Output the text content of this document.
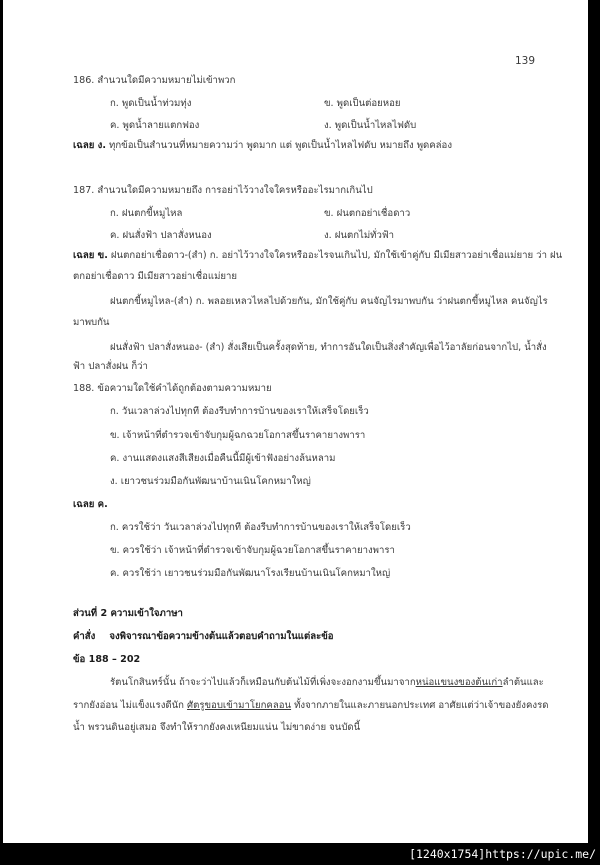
139
186. สำนวนใดมีความหมายไม่เข้าพวก
ก. พูดเป็นน้ำท่วมทุ่ง	ข. พูดเป็นต่อยหอย
ค. พูดน้ำลายแตกฟอง	ง. พูดเป็นน้ำไหลไฟดับ
เฉลย ง. ทุกข้อเป็นสำนวนที่หมายความว่า พูดมาก แต่ พูดเป็นน้ำไหลไฟดับ หมายถึง พูดคล่อง
187. สำนวนใดมีความหมายถึง การอย่าไว้วางใจใครหรืออะไรมากเกินไป
ก. ฝนตกขี้หมูไหล	ข. ฝนตกอย่าเชื่อดาว
ค. ฝนสั่งฟ้า ปลาสั่งหนอง	ง. ฝนตกไม่ทั่วฟ้า
เฉลย ข. ฝนตกอย่าเชื่อดาว-(สำ) ก. อย่าไว้วางใจใครหรืออะไรจนเกินไป, มักใช้เข้าคู่กับ มีเมียสาวอย่าเชื่อแม่ยาย ว่า ฝน
ตกอย่าเชื่อดาว มีเมียสาวอย่าเชื่อแม่ยาย
ฝนตกขี้หมูไหล-(สำ) ก. พลอยเหลวไหลไปด้วยกัน, มักใช้คู่กับ คนจัญไรมาพบกัน ว่าฝนตกขี้หมูไหล คนจัญไร
มาพบกัน
ฝนสั่งฟ้า ปลาสั่งหนอง- (สำ) สั่งเสียเป็นครั้งสุดท้าย, ทำการอันใดเป็นสิ่งสำคัญเพื่อไว้อาลัยก่อนจากไป, น้ำสั่ง
ฟ้า ปลาสั่งฝน ก็ว่า
188. ข้อความใดใช้คำได้ถูกต้องตามความหมาย
ก. วันเวลาล่วงไปทุกที ต้องรีบทำการบ้านของเราให้เสร็จโดยเร็ว
ข. เจ้าหน้าที่ตำรวจเข้าจับกุมผู้ฉกฉวยโอกาสขึ้นราคายางพารา
ค. งานแสดงแสงสีเสียงเมื่อคืนนี้มีผู้เข้าฟังอย่างล้นหลาม
ง. เยาวชนร่วมมือกันพัฒนาบ้านเนินโคกหมาใหญ่
เฉลย ค.
ก. ควรใช้ว่า วันเวลาล่วงไปทุกที ต้องรีบทำการบ้านของเราให้เสร็จโดยเร็ว
ข. ควรใช้ว่า เจ้าหน้าที่ตำรวจเข้าจับกุมผู้ฉวยโอกาสขึ้นราคายางพารา
ค. ควรใช้ว่า เยาวชนร่วมมือกันพัฒนาโรงเรียนบ้านเนินโคกหมาใหญ่
ส่วนที่ 2 ความเข้าใจภาษา
คำสั่ง จงพิจารณาข้อความข้างต้นแล้วตอบคำถามในแต่ละข้อ
ข้อ 188 – 202
รัตนโกสินทร์นั้น ถ้าจะว่าไปแล้วก็เหมือนกับต้นไม้ที่เพิ่งจะงอกงามขึ้นมาจากหน่อแขนงของต้นเก่าลำต้นและ
รากยังอ่อน ไม่แข็งแรงดีนัก ศัตรูขอบเข้ามาโยกคลอน ทั้งจากภายในและภายนอกประเทศ อาศัยแต่ว่าเจ้าของยังคงรด
น้ำ พรวนดินอยู่เสมอ จึงทำให้รากยังคงเหนียมแน่น ไม่ขาดง่าย จนบัดนี้
[1240x1754]https://upic.me/
